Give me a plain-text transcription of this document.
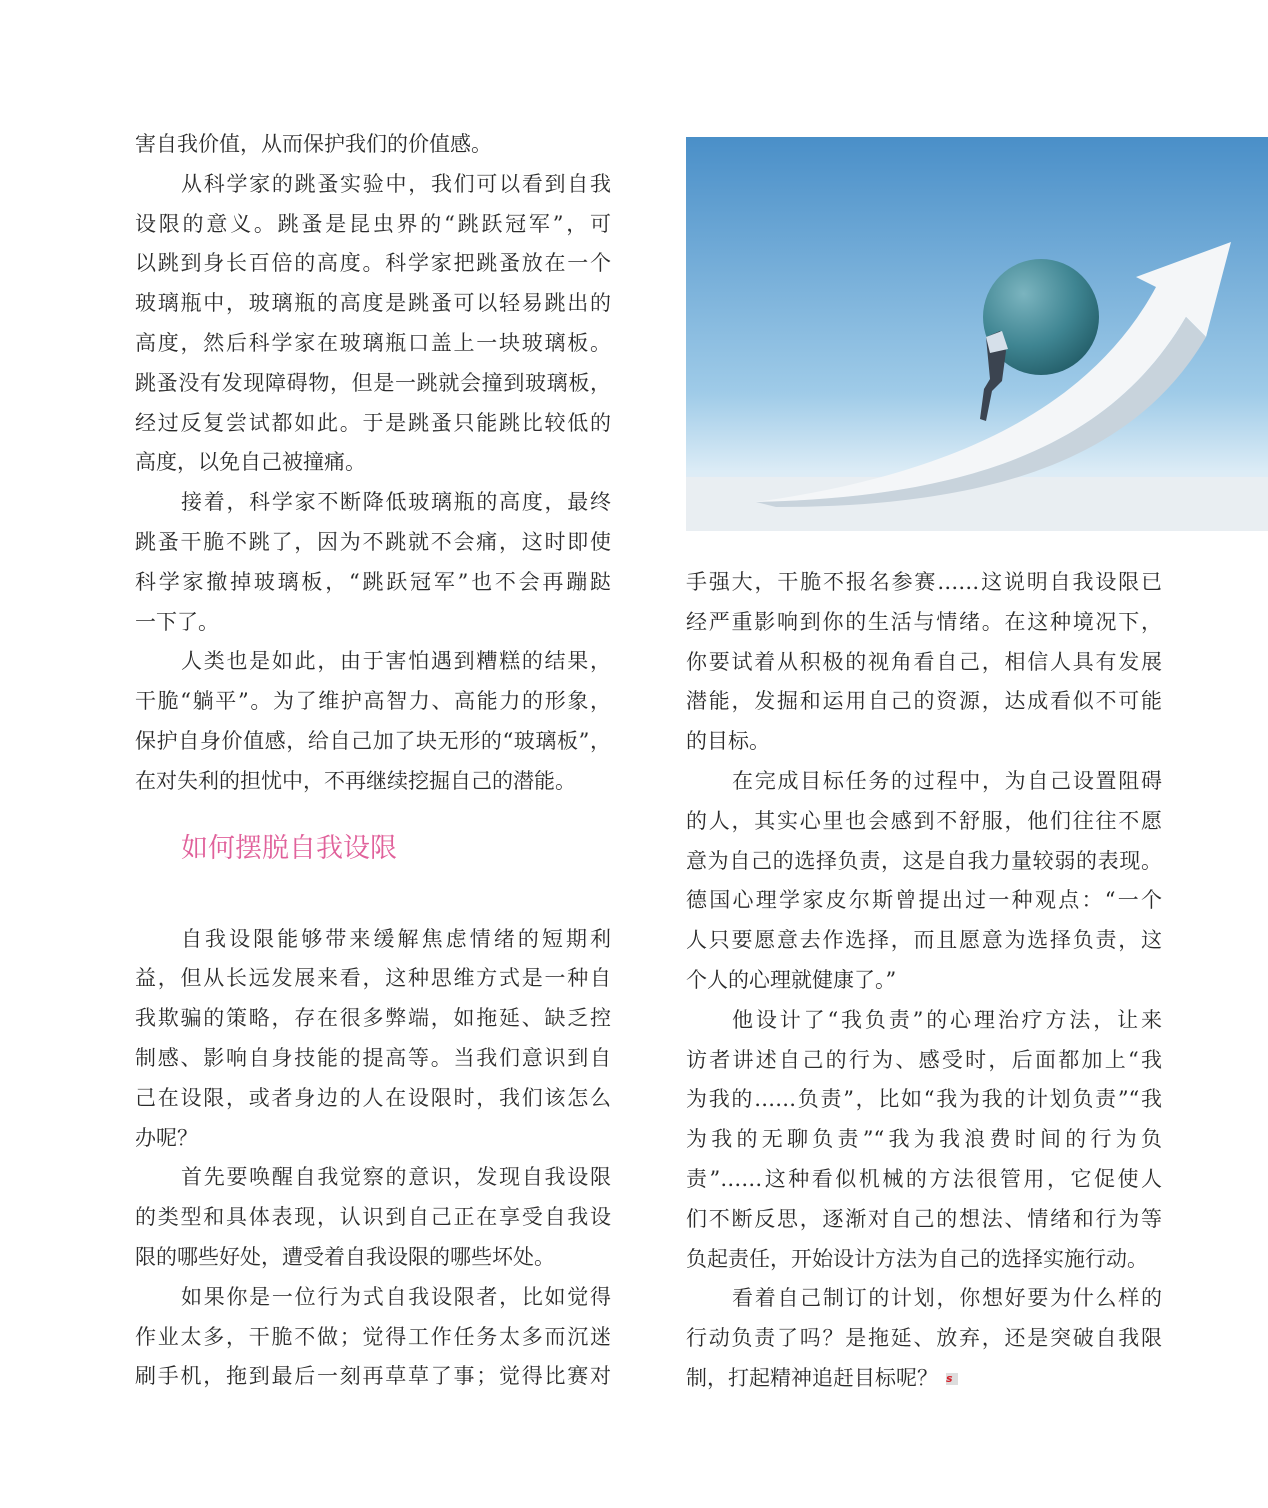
害自我价值，从而保护我们的价值感。
从科学家的跳蚤实验中，我们可以看到自我
设限的意义。跳蚤是昆虫界的“跳跃冠军”，可
以跳到身长百倍的高度。科学家把跳蚤放在一个
玻璃瓶中，玻璃瓶的高度是跳蚤可以轻易跳出的
高度，然后科学家在玻璃瓶口盖上一块玻璃板。
跳蚤没有发现障碍物，但是一跳就会撞到玻璃板，
经过反复尝试都如此。于是跳蚤只能跳比较低的
高度，以免自己被撞痛。
接着，科学家不断降低玻璃瓶的高度，最终
跳蚤干脆不跳了，因为不跳就不会痛，这时即使
科学家撤掉玻璃板，“跳跃冠军”也不会再蹦跶
一下了。
人类也是如此，由于害怕遇到糟糕的结果，
干脆“躺平”。为了维护高智力、高能力的形象，
保护自身价值感，给自己加了块无形的“玻璃板”，
在对失利的担忧中，不再继续挖掘自己的潜能。
如何摆脱自我设限
自我设限能够带来缓解焦虑情绪的短期利
益，但从长远发展来看，这种思维方式是一种自
我欺骗的策略，存在很多弊端，如拖延、缺乏控
制感、影响自身技能的提高等。当我们意识到自
己在设限，或者身边的人在设限时，我们该怎么
办呢？
首先要唤醒自我觉察的意识，发现自我设限
的类型和具体表现，认识到自己正在享受自我设
限的哪些好处，遭受着自我设限的哪些坏处。
如果你是一位行为式自我设限者，比如觉得
作业太多，干脆不做；觉得工作任务太多而沉迷
刷手机，拖到最后一刻再草草了事；觉得比赛对
手强大，干脆不报名参赛……这说明自我设限已
经严重影响到你的生活与情绪。在这种境况下，
你要试着从积极的视角看自己，相信人具有发展
潜能，发掘和运用自己的资源，达成看似不可能
的目标。
在完成目标任务的过程中，为自己设置阻碍
的人，其实心里也会感到不舒服，他们往往不愿
意为自己的选择负责，这是自我力量较弱的表现。
德国心理学家皮尔斯曾提出过一种观点：“一个
人只要愿意去作选择，而且愿意为选择负责，这
个人的心理就健康了。”
他设计了“我负责”的心理治疗方法，让来
访者讲述自己的行为、感受时，后面都加上“我
为我的……负责”，比如“我为我的计划负责”“我
为我的无聊负责”“我为我浪费时间的行为负
责”……这种看似机械的方法很管用，它促使人
们不断反思，逐渐对自己的想法、情绪和行为等
负起责任，开始设计方法为自己的选择实施行动。
看着自己制订的计划，你想好要为什么样的
行动负责了吗？是拖延、放弃，还是突破自我限
制，打起精神追赶目标呢？ s
